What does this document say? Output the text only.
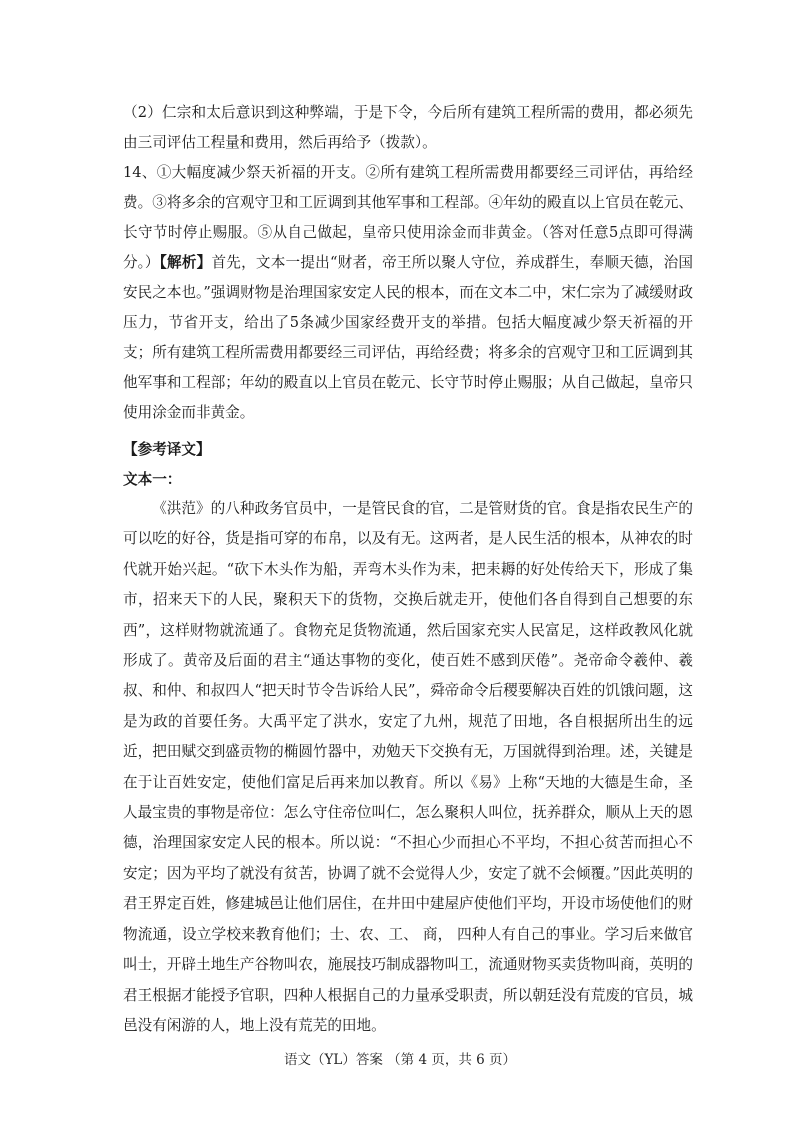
（2）仁宗和太后意识到这种弊端，于是下令，今后所有建筑工程所需的费用，都必须先由三司评估工程量和费用，然后再给予（拨款）。

14、①大幅度减少祭天祈福的开支。②所有建筑工程所需费用都要经三司评估，再给经费。③将多余的宫观守卫和工匠调到其他军事和工程部。④年幼的殿直以上官员在乾元、长守节时停止赐服。⑤从自己做起，皇帝只使用涂金而非黄金。（答对任意5点即可得满分。）

【解析】首先，文本一提出“财者，帝王所以聚人守位，养成群生，奉顺天德，治国安民之本也。”强调财物是治理国家安定人民的根本，而在文本二中，宋仁宗为了减缓财政压力，节省开支，给出了5条减少国家经费开支的举措。包括大幅度减少祭天祈福的开支；所有建筑工程所需费用都要经三司评估，再给经费；将多余的宫观守卫和工匠调到其他军事和工程部；年幼的殿直以上官员在乾元、长守节时停止赐服；从自己做起，皇帝只使用涂金而非黄金。

【参考译文】

文本一：

《洪范》的八种政务官员中，一是管民食的官，二是管财货的官。食是指农民生产的可以吃的好谷，货是指可穿的布帛，以及有无。这两者，是人民生活的根本，从神农的时代就开始兴起。“砍下木头作为船，弄弯木头作为耒，把耒耨的好处传给天下，形成了集市，招来天下的人民，聚积天下的货物，交换后就走开，使他们各自得到自己想要的东西”，这样财物就流通了。食物充足货物流通，然后国家充实人民富足，这样政教风化就形成了。黄帝及后面的君主“通达事物的变化，使百姓不感到厌倦”。尧帝命令羲仲、羲叔、和仲、和叔四人“把天时节令告诉给人民”，舜帝命令后稷要解决百姓的饥饿问题，这是为政的首要任务。大禹平定了洪水，安定了九州，规范了田地，各自根据所出生的远近，把田赋交到盛贡物的椭圆竹器中，劝勉天下交换有无，万国就得到治理。述，关键是在于让百姓安定，使他们富足后再来加以教育。所以《易》上称“天地的大德是生命，圣人最宝贵的事物是帝位：怎么守住帝位叫仁，怎么聚积人叫位，抚养群众，顺从上天的恩德，治理国家安定人民的根本。所以说：“不担心少而担心不平均，不担心贫苦而担心不安定；因为平均了就没有贫苦，协调了就不会觉得人少，安定了就不会倾覆。”因此英明的君王界定百姓，修建城邑让他们居住，在井田中建屋庐使他们平均，开设市场使他们的财物流通，设立学校来教育他们；士、农、工、 商， 四种人有自己的事业。学习后来做官叫士，开辟土地生产谷物叫农，施展技巧制成器物叫工，流通财物买卖货物叫商，英明的君王根据才能授予官职，四种人根据自己的力量承受职责，所以朝廷没有荒废的官员，城邑没有闲游的人，地上没有荒芜的田地。

语文（YL）答案 （第 4 页，共 6 页）
